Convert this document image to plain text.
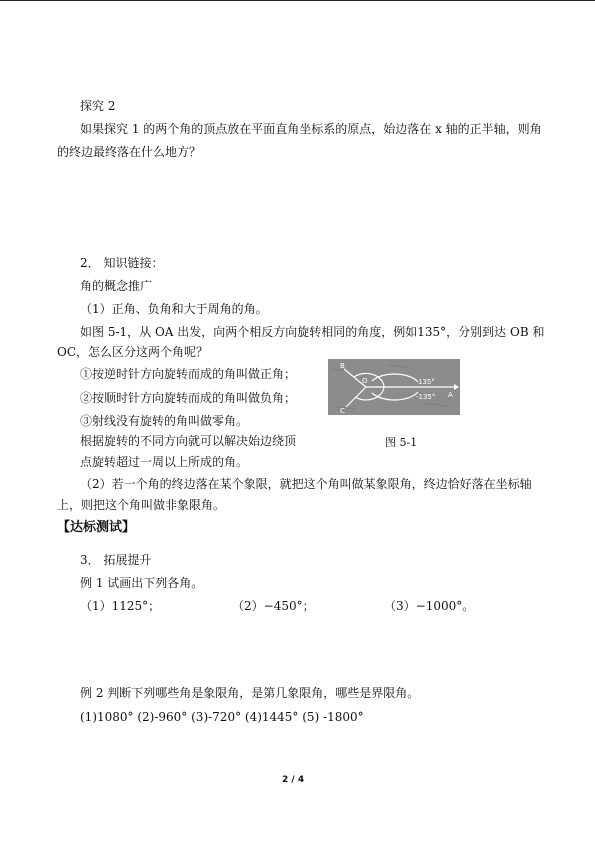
探究 2
如果探究 1 的两个角的顶点放在平面直角坐标系的原点，始边落在 x 轴的正半轴，则角
的终边最终落在什么地方？
2． 知识链接：
角的概念推广
（1）正角、负角和大于周角的角。
如图 5-1，从 OA 出发，向两个相反方向旋转相同的角度，例如135°，分别到达 OB 和
OC，怎么区分这两个角呢？
①按逆时针方向旋转而成的角叫做正角；
②按顺时针方向旋转而成的角叫做负角；
③射线没有旋转的角叫做零角。
根据旋转的不同方向就可以解决始边绕顶
点旋转超过一周以上所成的角。
B
O
A
C
135°
-135°
图 5-1
（2）若一个角的终边落在某个象限，就把这个角叫做某象限角，终边恰好落在坐标轴
上，则把这个角叫做非象限角。
【达标测试】
3． 拓展提升
例 1 试画出下列各角。
（1）1125°；	（2）−450°；	（3）−1000°。
例 2 判断下列哪些角是象限角，是第几象限角，哪些是界限角。
(1)1080° (2)-960° (3)-720° (4)1445° (5) -1800°
2 / 4
